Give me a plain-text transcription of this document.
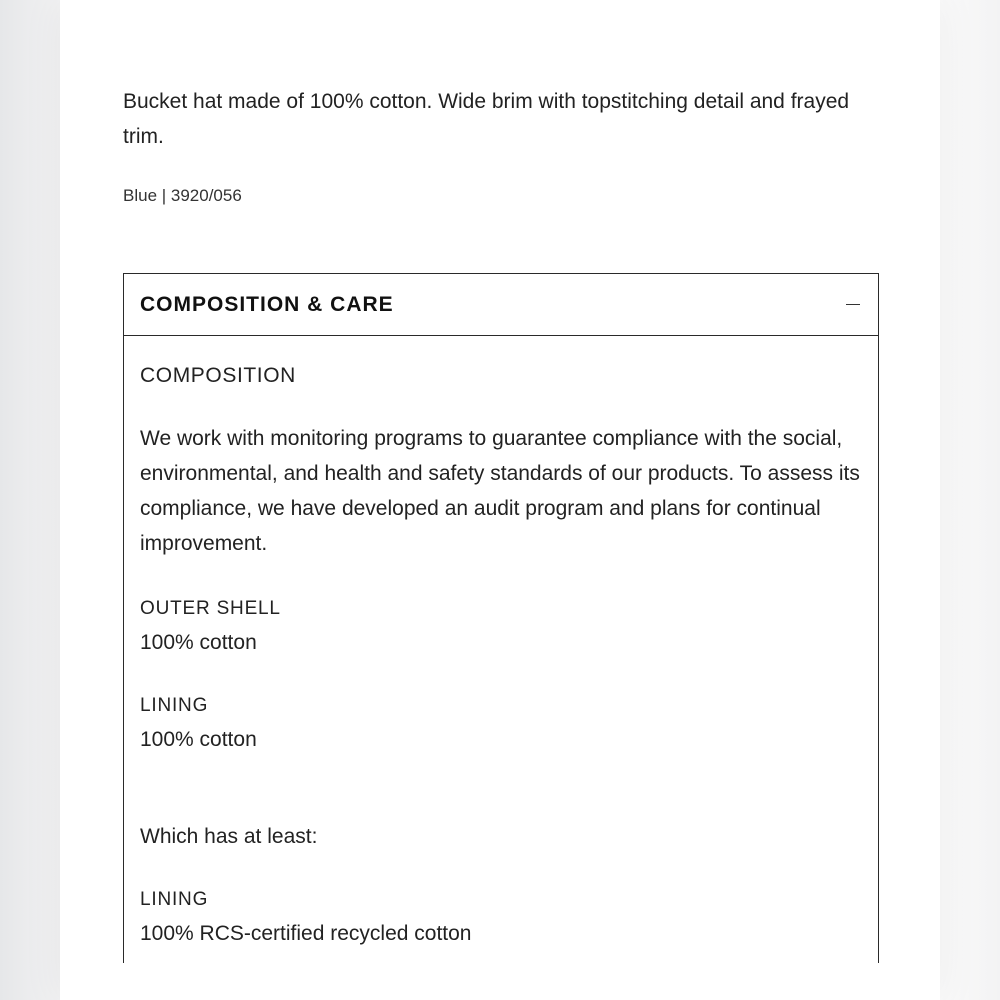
Bucket hat made of 100% cotton. Wide brim with topstitching detail and frayed trim.

Blue | 3920/056

COMPOSITION & CARE

COMPOSITION

We work with monitoring programs to guarantee compliance with the social, environmental, and health and safety standards of our products. To assess its compliance, we have developed an audit program and plans for continual improvement.

OUTER SHELL

100% cotton

LINING

100% cotton

Which has at least:

LINING

100% RCS-certified recycled cotton
